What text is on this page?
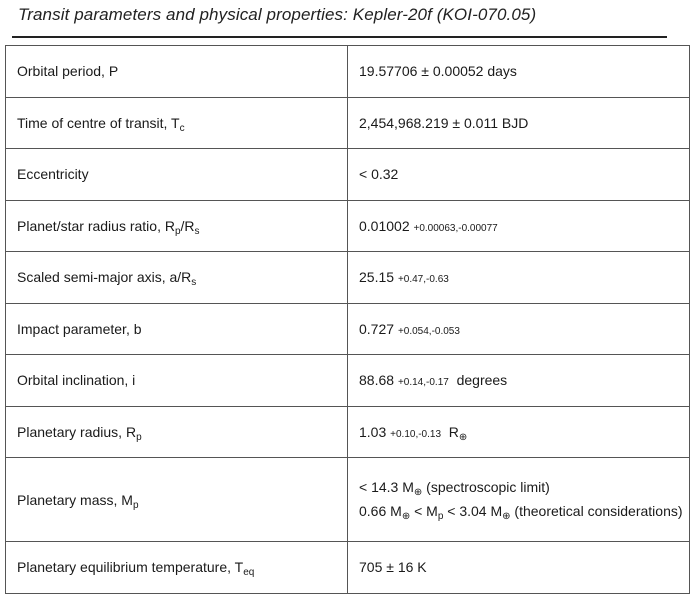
Transit parameters and physical properties: Kepler-20f (KOI-070.05)
Orbital period, P	19.57706 ± 0.00052 days
Time of centre of transit, $T_c$	2,454,968.219 ± 0.011 BJD
Eccentricity	< 0.32
Planet/star radius ratio, $R_p/R_s$	0.01002 +0.00063,-0.00077
Scaled semi-major axis, $a/R_s$	25.15 +0.47,-0.63
Impact parameter, b	0.727 +0.054,-0.053
Orbital inclination, i	88.68 +0.14,-0.17 degrees
Planetary radius, $R_p$	1.03 +0.10,-0.13 $R_\oplus$
Planetary mass, $M_p$	< 14.3 $M_\oplus$ (spectroscopic limit)
0.66 $M_\oplus < M_p < 3.04$ $M_\oplus$ (theoretical considerations)

Planetary equilibrium temperature, $T_{eq}$	705 ± 16 K
